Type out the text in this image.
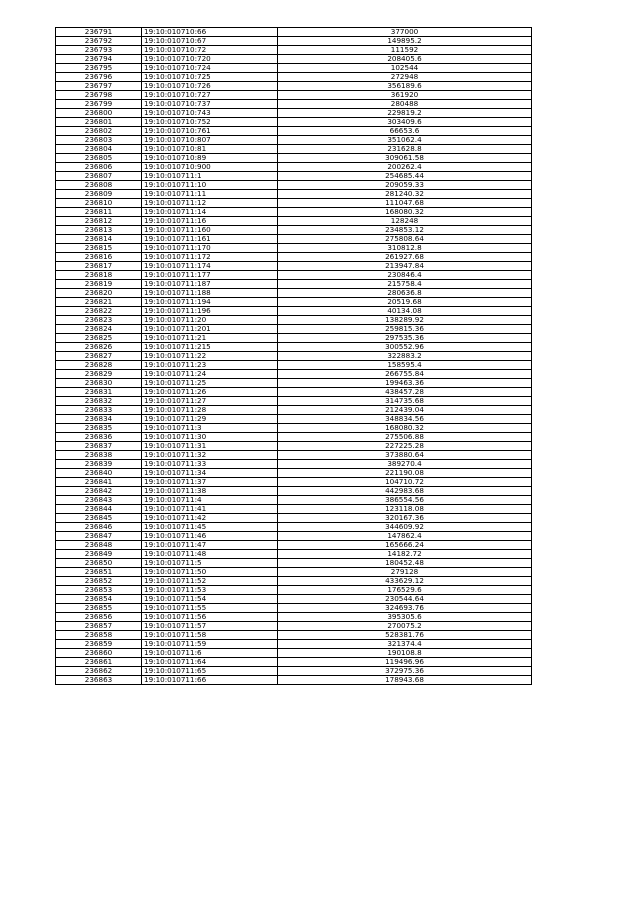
236791	19:10:010710:66	377000
236792	19:10:010710:67	149895.2
236793	19:10:010710:72	111592
236794	19:10:010710:720	208405.6
236795	19:10:010710:724	102544
236796	19:10:010710:725	272948
236797	19:10:010710:726	356189.6
236798	19:10:010710:727	361920
236799	19:10:010710:737	280488
236800	19:10:010710:743	229819.2
236801	19:10:010710:752	303409.6
236802	19:10:010710:761	66653.6
236803	19:10:010710:807	351062.4
236804	19:10:010710:81	231628.8
236805	19:10:010710:89	309061.58
236806	19:10:010710:900	200262.4
236807	19:10:010711:1	254685.44
236808	19:10:010711:10	209059.33
236809	19:10:010711:11	281240.32
236810	19:10:010711:12	111047.68
236811	19:10:010711:14	168080.32
236812	19:10:010711:16	128248
236813	19:10:010711:160	234853.12
236814	19:10:010711:161	275808.64
236815	19:10:010711:170	310812.8
236816	19:10:010711:172	261927.68
236817	19:10:010711:174	213947.84
236818	19:10:010711:177	230846.4
236819	19:10:010711:187	215758.4
236820	19:10:010711:188	280636.8
236821	19:10:010711:194	20519.68
236822	19:10:010711:196	40134.08
236823	19:10:010711:20	138289.92
236824	19:10:010711:201	259815.36
236825	19:10:010711:21	297535.36
236826	19:10:010711:215	300552.96
236827	19:10:010711:22	322883.2
236828	19:10:010711:23	158595.4
236829	19:10:010711:24	266755.84
236830	19:10:010711:25	199463.36
236831	19:10:010711:26	438457.28
236832	19:10:010711:27	314735.68
236833	19:10:010711:28	212439.04
236834	19:10:010711:29	348834.56
236835	19:10:010711:3	168080.32
236836	19:10:010711:30	275506.88
236837	19:10:010711:31	227225.28
236838	19:10:010711:32	373880.64
236839	19:10:010711:33	389270.4
236840	19:10:010711:34	221190.08
236841	19:10:010711:37	104710.72
236842	19:10:010711:38	442983.68
236843	19:10:010711:4	386554.56
236844	19:10:010711:41	123118.08
236845	19:10:010711:42	320167.36
236846	19:10:010711:45	344609.92
236847	19:10:010711:46	147862.4
236848	19:10:010711:47	165666.24
236849	19:10:010711:48	14182.72
236850	19:10:010711:5	180452.48
236851	19:10:010711:50	279128
236852	19:10:010711:52	433629.12
236853	19:10:010711:53	176529.6
236854	19:10:010711:54	230544.64
236855	19:10:010711:55	324693.76
236856	19:10:010711:56	395305.6
236857	19:10:010711:57	270075.2
236858	19:10:010711:58	528381.76
236859	19:10:010711:59	321374.4
236860	19:10:010711:6	190108.8
236861	19:10:010711:64	119496.96
236862	19:10:010711:65	372975.36
236863	19:10:010711:66	178943.68
